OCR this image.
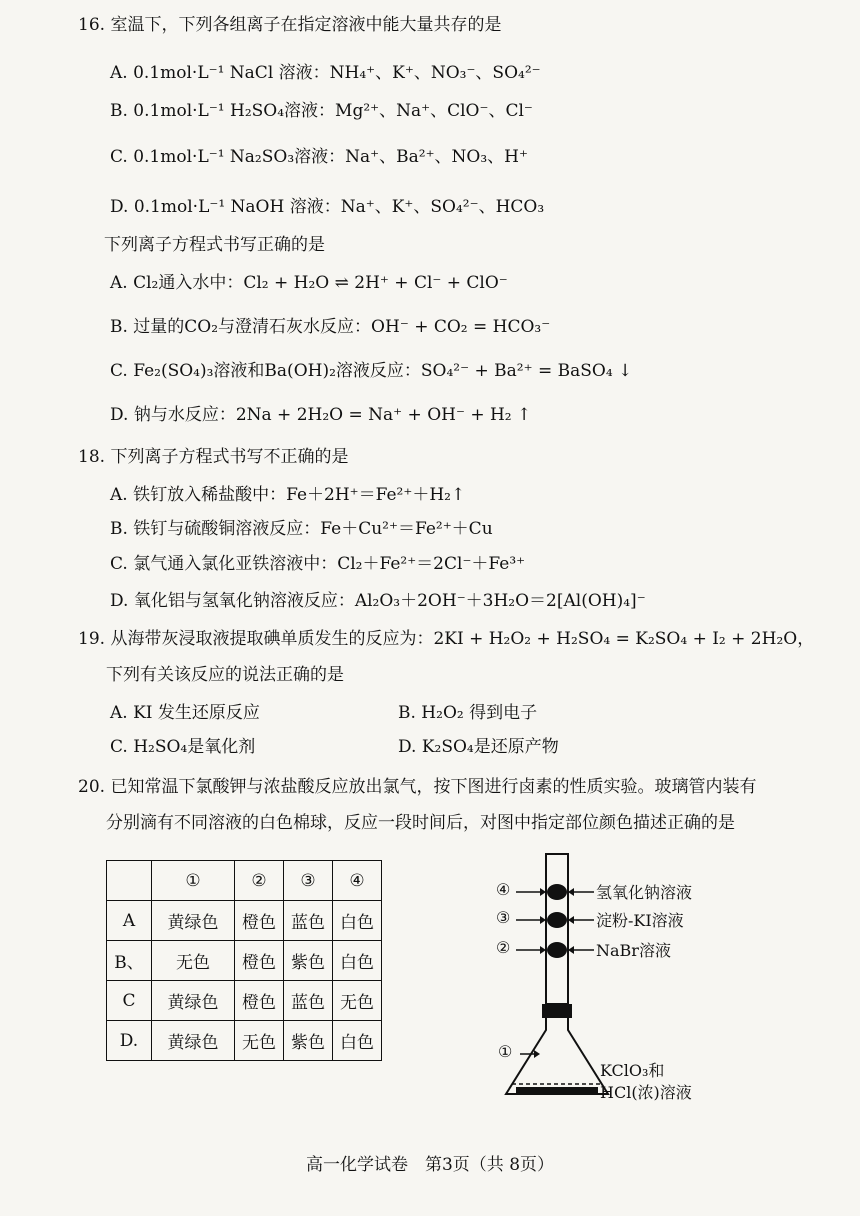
16. 室温下，下列各组离子在指定溶液中能大量共存的是
A. 0.1mol·L⁻¹ NaCl 溶液：NH₄⁺、K⁺、NO₃⁻、SO₄²⁻
B. 0.1mol·L⁻¹ H₂SO₄溶液：Mg²⁺、Na⁺、ClO⁻、Cl⁻
C. 0.1mol·L⁻¹ Na₂SO₃溶液：Na⁺、Ba²⁺、NO₃、H⁺
D. 0.1mol·L⁻¹ NaOH 溶液：Na⁺、K⁺、SO₄²⁻、HCO₃
下列离子方程式书写正确的是
A. Cl₂通入水中：Cl₂ + H₂O ⇌ 2H⁺ + Cl⁻ + ClO⁻
B. 过量的CO₂与澄清石灰水反应：OH⁻ + CO₂ = HCO₃⁻
C. Fe₂(SO₄)₃溶液和Ba(OH)₂溶液反应：SO₄²⁻ + Ba²⁺ = BaSO₄ ↓
D. 钠与水反应：2Na + 2H₂O = Na⁺ + OH⁻ + H₂ ↑
18. 下列离子方程式书写不正确的是
A. 铁钉放入稀盐酸中：Fe＋2H⁺＝Fe²⁺＋H₂↑
B. 铁钉与硫酸铜溶液反应：Fe＋Cu²⁺＝Fe²⁺＋Cu
C. 氯气通入氯化亚铁溶液中：Cl₂＋Fe²⁺＝2Cl⁻＋Fe³⁺
D. 氧化铝与氢氧化钠溶液反应：Al₂O₃＋2OH⁻＋3H₂O＝2[Al(OH)₄]⁻
19. 从海带灰浸取液提取碘单质发生的反应为：2KI + H₂O₂ + H₂SO₄ = K₂SO₄ + I₂ + 2H₂O，
下列有关该反应的说法正确的是
A. KI 发生还原反应	B. H₂O₂ 得到电子
C. H₂SO₄是氧化剂	D. K₂SO₄是还原产物
20. 已知常温下氯酸钾与浓盐酸反应放出氯气，按下图进行卤素的性质实验。玻璃管内装有
分别滴有不同溶液的白色棉球，反应一段时间后，对图中指定部位颜色描述正确的是
	①	②	③	④
A	黄绿色	橙色	蓝色	白色
B、	无色	橙色	紫色	白色
C	黄绿色	橙色	蓝色	无色
D.	黄绿色	无色	紫色	白色
④
③
②
①
氢氧化钠溶液
淀粉-KI溶液
NaBr溶液
KClO₃和
HCl(浓)溶液
高一化学试卷　第3页（共 8页）
